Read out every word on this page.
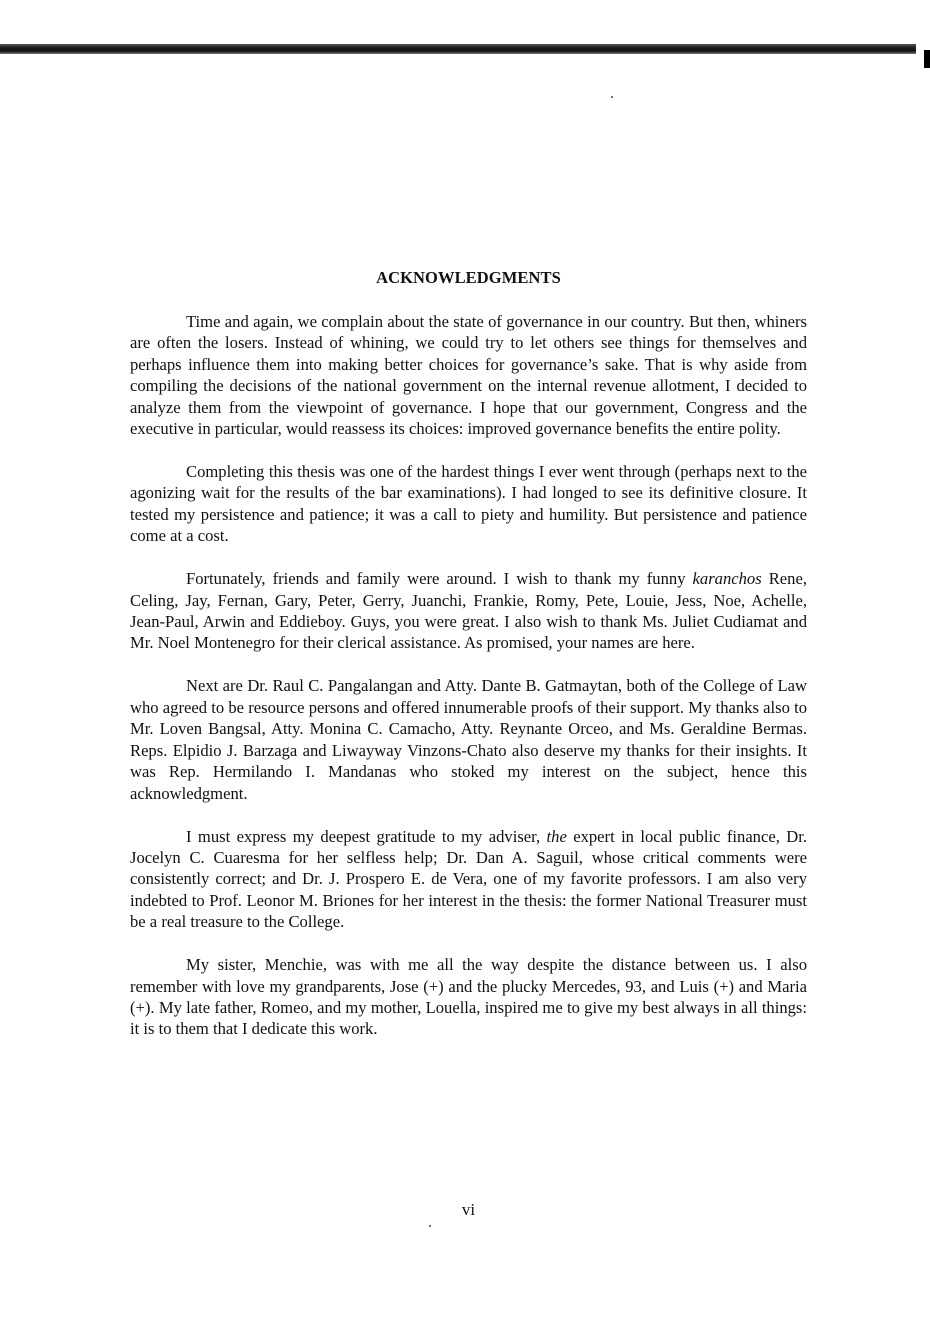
ACKNOWLEDGMENTS

Time and again, we complain about the state of governance in our country. But then, whiners are often the losers. Instead of whining, we could try to let others see things for themselves and perhaps influence them into making better choices for governance’s sake. That is why aside from compiling the decisions of the national government on the internal revenue allotment, I decided to analyze them from the viewpoint of governance. I hope that our government, Congress and the executive in particular, would reassess its choices: improved governance benefits the entire polity.

Completing this thesis was one of the hardest things I ever went through (perhaps next to the agonizing wait for the results of the bar examinations). I had longed to see its definitive closure. It tested my persistence and patience; it was a call to piety and humility. But persistence and patience come at a cost.

Fortunately, friends and family were around. I wish to thank my funny karanchos Rene, Celing, Jay, Fernan, Gary, Peter, Gerry, Juanchi, Frankie, Romy, Pete, Louie, Jess, Noe, Achelle, Jean-Paul, Arwin and Eddieboy. Guys, you were great. I also wish to thank Ms. Juliet Cudiamat and Mr. Noel Montenegro for their clerical assistance. As promised, your names are here.

Next are Dr. Raul C. Pangalangan and Atty. Dante B. Gatmaytan, both of the College of Law who agreed to be resource persons and offered innumerable proofs of their support. My thanks also to Mr. Loven Bangsal, Atty. Monina C. Camacho, Atty. Reynante Orceo, and Ms. Geraldine Bermas. Reps. Elpidio J. Barzaga and Liwayway Vinzons-Chato also deserve my thanks for their insights. It was Rep. Hermilando I. Mandanas who stoked my interest on the subject, hence this acknowledgment.

I must express my deepest gratitude to my adviser, the expert in local public finance, Dr. Jocelyn C. Cuaresma for her selfless help; Dr. Dan A. Saguil, whose critical comments were consistently correct; and Dr. J. Prospero E. de Vera, one of my favorite professors. I am also very indebted to Prof. Leonor M. Briones for her interest in the thesis: the former National Treasurer must be a real treasure to the College.

My sister, Menchie, was with me all the way despite the distance between us. I also remember with love my grandparents, Jose (+) and the plucky Mercedes, 93, and Luis (+) and Maria (+). My late father, Romeo, and my mother, Louella, inspired me to give my best always in all things: it is to them that I dedicate this work.

vi
